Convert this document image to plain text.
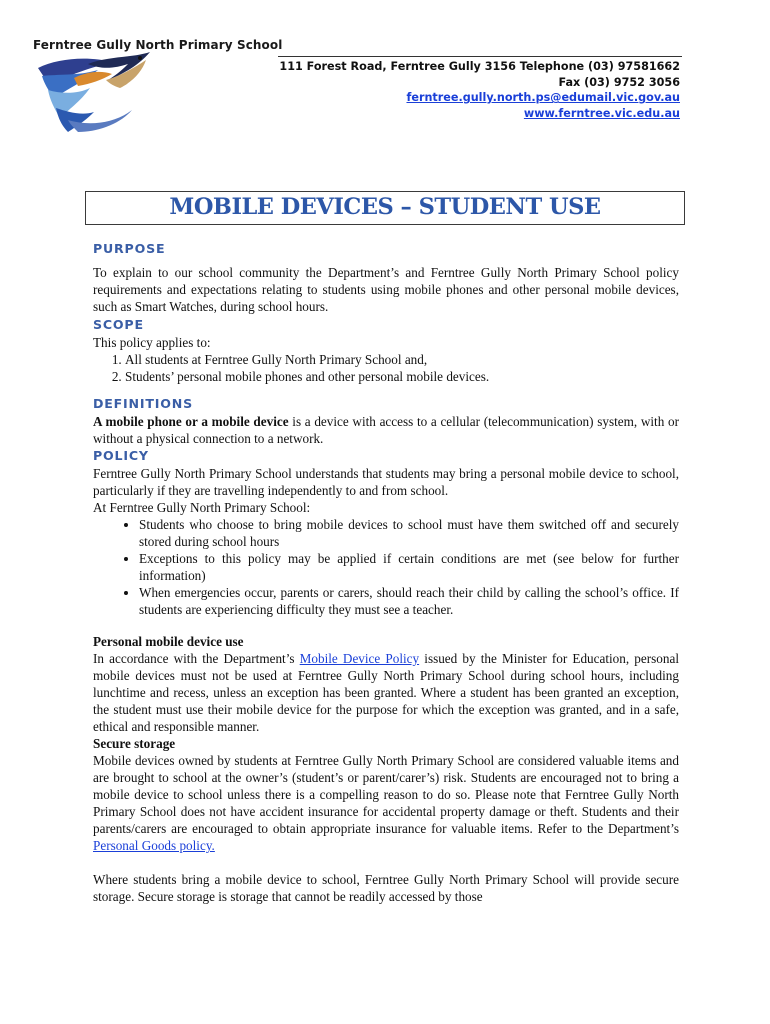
Ferntree Gully North Primary School
111 Forest Road, Ferntree Gully 3156 Telephone (03) 97581662
Fax (03) 9752 3056
ferntree.gully.north.ps@edumail.vic.gov.au
www.ferntree.vic.edu.au
MOBILE DEVICES – STUDENT USE
PURPOSE

To explain to our school community the Department’s and Ferntree Gully North Primary School policy requirements and expectations relating to students using mobile phones and other personal mobile devices, such as Smart Watches, during school hours.

SCOPE

This policy applies to:

1. All students at Ferntree Gully North Primary School and,
2. Students’ personal mobile phones and other personal mobile devices.
DEFINITIONS

A mobile phone or a mobile device is a device with access to a cellular (telecommunication) system, with or without a physical connection to a network.

POLICY

Ferntree Gully North Primary School understands that students may bring a personal mobile device to school, particularly if they are travelling independently to and from school.

At Ferntree Gully North Primary School:

• Students who choose to bring mobile devices to school must have them switched off and securely stored during school hours
• Exceptions to this policy may be applied if certain conditions are met (see below for further information)
• When emergencies occur, parents or carers, should reach their child by calling the school’s office. If students are experiencing difficulty they must see a teacher.
Personal mobile device use

In accordance with the Department’s Mobile Device Policy issued by the Minister for Education, personal mobile devices must not be used at Ferntree Gully North Primary School during school hours, including lunchtime and recess, unless an exception has been granted. Where a student has been granted an exception, the student must use their mobile device for the purpose for which the exception was granted, and in a safe, ethical and responsible manner.

Secure storage

Mobile devices owned by students at Ferntree Gully North Primary School are considered valuable items and are brought to school at the owner’s (student’s or parent/carer’s) risk. Students are encouraged not to bring a mobile device to school unless there is a compelling reason to do so. Please note that Ferntree Gully North Primary School does not have accident insurance for accidental property damage or theft. Students and their parents/carers are encouraged to obtain appropriate insurance for valuable items. Refer to the Department’s Personal Goods policy.

Where students bring a mobile device to school, Ferntree Gully North Primary School will provide secure storage. Secure storage is storage that cannot be readily accessed by those
